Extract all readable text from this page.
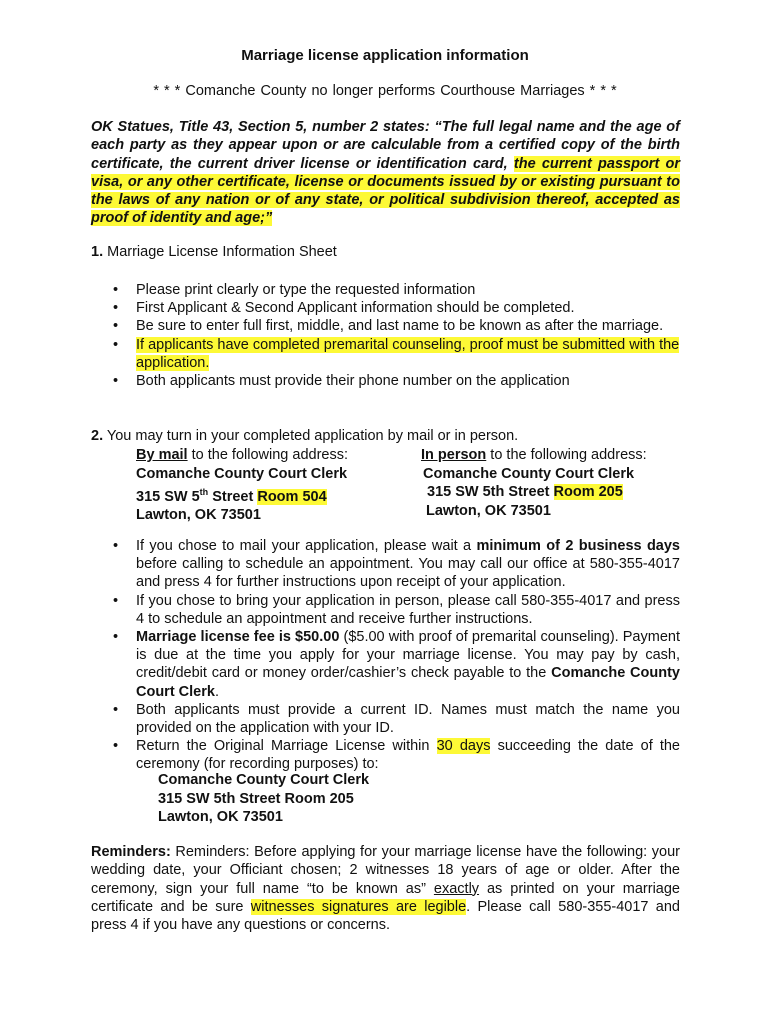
Marriage license application information
* * * Comanche County no longer performs Courthouse Marriages * * *
OK Statues, Title 43, Section 5, number 2 states: “The full legal name and the age of each party as they appear upon or are calculable from a certified copy of the birth certificate, the current driver license or identification card, the current passport or visa, or any other certificate, license or documents issued by or existing pursuant to the laws of any nation or of any state, or political subdivision thereof, accepted as proof of identity and age;”
1. Marriage License Information Sheet
• Please print clearly or type the requested information
• First Applicant & Second Applicant information should be completed.
• Be sure to enter full first, middle, and last name to be known as after the marriage.
• If applicants have completed premarital counseling, proof must be submitted with the application.
• Both applicants must provide their phone number on the application
2. You may turn in your completed application by mail or in person.
By mail to the following address:
Comanche County Court Clerk
315 SW 5th Street Room 504
Lawton, OK 73501
In person to the following address:
Comanche County Court Clerk
315 SW 5th Street Room 205
Lawton, OK 73501
• If you chose to mail your application, please wait a minimum of 2 business days before calling to schedule an appointment. You may call our office at 580-355-4017 and press 4 for further instructions upon receipt of your application.
• If you chose to bring your application in person, please call 580-355-4017 and press 4 to schedule an appointment and receive further instructions.
• Marriage license fee is $50.00 ($5.00 with proof of premarital counseling). Payment is due at the time you apply for your marriage license. You may pay by cash, credit/debit card or money order/cashier’s check payable to the Comanche County Court Clerk.
• Both applicants must provide a current ID. Names must match the name you provided on the application with your ID.
• Return the Original Marriage License within 30 days succeeding the date of the ceremony (for recording purposes) to:
Comanche County Court Clerk
315 SW 5th Street Room 205
Lawton, OK 73501
Reminders: Reminders: Before applying for your marriage license have the following: your wedding date, your Officiant chosen; 2 witnesses 18 years of age or older. After the ceremony, sign your full name “to be known as” exactly as printed on your marriage certificate and be sure witnesses signatures are legible. Please call 580-355-4017 and press 4 if you have any questions or concerns.
